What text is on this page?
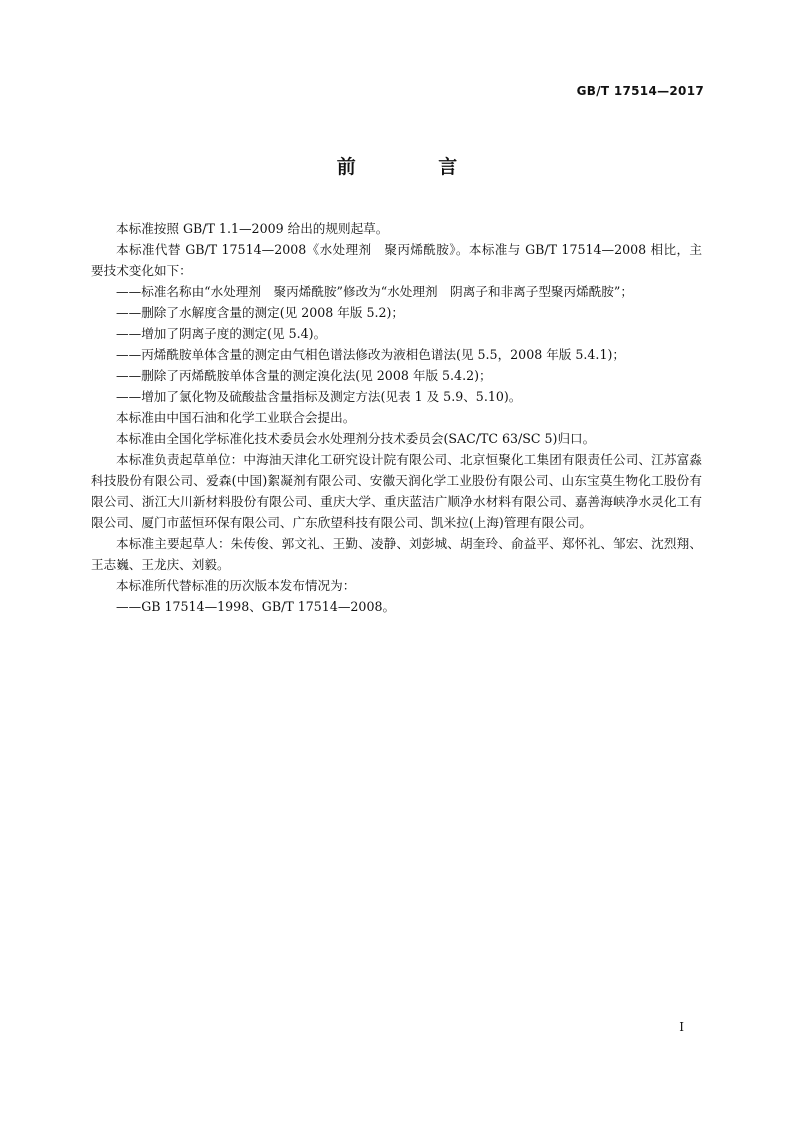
GB/T 17514—2017
前 言

本标准按照 GB/T 1.1—2009 给出的规则起草。

本标准代替 GB/T 17514—2008《水处理剂　聚丙烯酰胺》。本标准与 GB/T 17514—2008 相比，主要技术变化如下：

——标准名称由“水处理剂　聚丙烯酰胺”修改为“水处理剂　阴离子和非离子型聚丙烯酰胺”；

——删除了水解度含量的测定(见 2008 年版 5.2)；

——增加了阴离子度的测定(见 5.4)。

——丙烯酰胺单体含量的测定由气相色谱法修改为液相色谱法(见 5.5，2008 年版 5.4.1)；

——删除了丙烯酰胺单体含量的测定溴化法(见 2008 年版 5.4.2)；

——增加了氯化物及硫酸盐含量指标及测定方法(见表 1 及 5.9、5.10)。

本标准由中国石油和化学工业联合会提出。

本标准由全国化学标准化技术委员会水处理剂分技术委员会(SAC/TC 63/SC 5)归口。

本标准负责起草单位：中海油天津化工研究设计院有限公司、北京恒聚化工集团有限责任公司、江苏富淼科技股份有限公司、爱森(中国)絮凝剂有限公司、安徽天润化学工业股份有限公司、山东宝莫生物化工股份有限公司、浙江大川新材料股份有限公司、重庆大学、重庆蓝洁广顺净水材料有限公司、嘉善海峡净水灵化工有限公司、厦门市蓝恒环保有限公司、广东欣望科技有限公司、凯米拉(上海)管理有限公司。

本标准主要起草人：朱传俊、郭文礼、王勤、凌静、刘彭城、胡奎玲、俞益平、郑怀礼、邹宏、沈烈翔、王志巍、王龙庆、刘毅。

本标准所代替标准的历次版本发布情况为：

——GB 17514—1998、GB/T 17514—2008。

I
